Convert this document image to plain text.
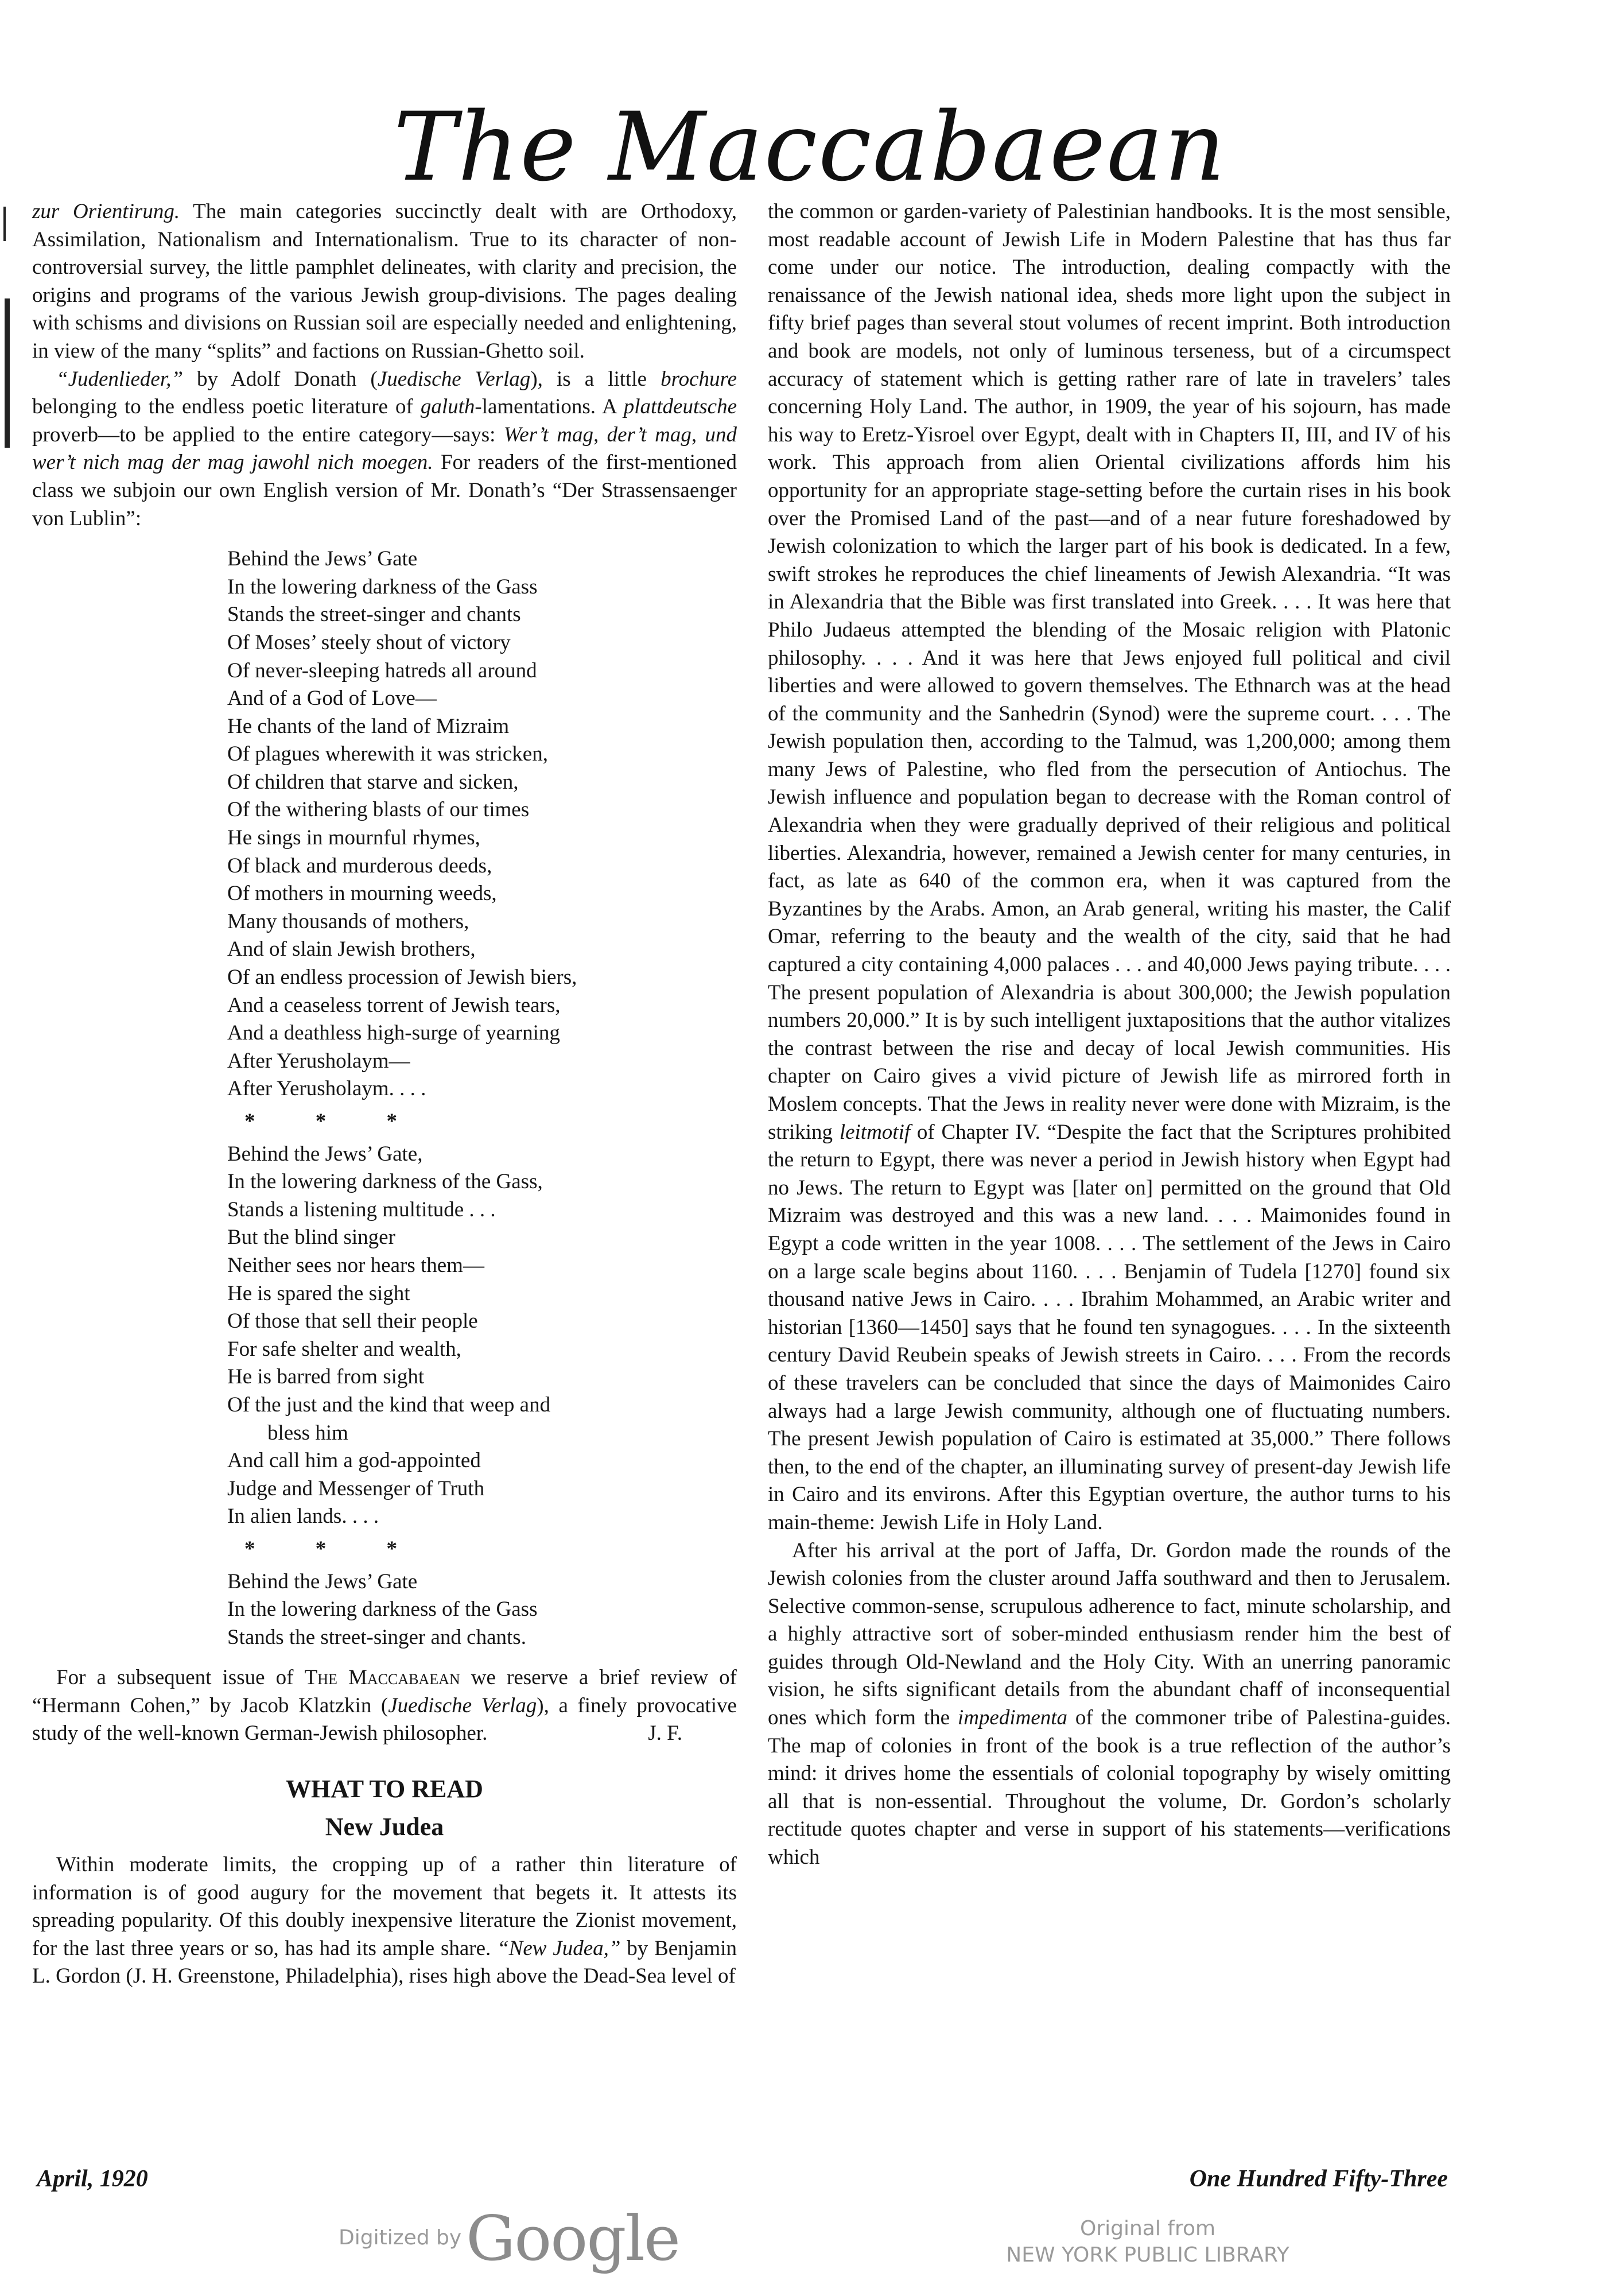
The Maccabaean

zur Orientirung. The main categories succinctly dealt with are Orthodoxy, Assimilation, Nationalism and Internationalism. True to its character of non-controversial survey, the little pamphlet delineates, with clarity and precision, the origins and programs of the various Jewish group-divisions. The pages dealing with schisms and divisions on Russian soil are especially needed and enlightening, in view of the many “splits” and factions on Russian-Ghetto soil.

“Judenlieder,” by Adolf Donath (Juedische Verlag), is a little brochure belonging to the endless poetic literature of galuth-lamentations. A plattdeutsche proverb—to be applied to the entire category—says: Wer’t mag, der’t mag, und wer’t nich mag der mag jawohl nich moegen. For readers of the first-mentioned class we subjoin our own English version of Mr. Donath’s “Der Strassensaenger von Lublin”:

Behind the Jews’ Gate
In the lowering darkness of the Gass
Stands the street-singer and chants
Of Moses’ steely shout of victory
Of never-sleeping hatreds all around
And of a God of Love—
He chants of the land of Mizraim
Of plagues wherewith it was stricken,
Of children that starve and sicken,
Of the withering blasts of our times
He sings in mournful rhymes,
Of black and murderous deeds,
Of mothers in mourning weeds,
Many thousands of mothers,
And of slain Jewish brothers,
Of an endless procession of Jewish biers,
And a ceaseless torrent of Jewish tears,
And a deathless high-surge of yearning
After Yerusholaym—
After Yerusholaym. . . .
* * *
Behind the Jews’ Gate,
In the lowering darkness of the Gass,
Stands a listening multitude . . .
But the blind singer
Neither sees nor hears them—
He is spared the sight
Of those that sell their people
For safe shelter and wealth,
He is barred from sight
Of the just and the kind that weep and
bless him
And call him a god-appointed
Judge and Messenger of Truth
In alien lands. . . .
* * *
Behind the Jews’ Gate
In the lowering darkness of the Gass
Stands the street-singer and chants.

For a subsequent issue of The Maccabaean we reserve a brief review of “Hermann Cohen,” by Jacob Klatzkin (Juedische Verlag), a finely provocative study of the well-known German-Jewish philosopher.	J. F.

WHAT TO READ
New Judea

Within moderate limits, the cropping up of a rather thin literature of information is of good augury for the movement that begets it. It attests its spreading popularity. Of this doubly inexpensive literature the Zionist movement, for the last three years or so, has had its ample share. “New Judea,” by Benjamin L. Gordon (J. H. Greenstone, Philadelphia), rises high above the Dead-Sea level of

the common or garden-variety of Palestinian handbooks. It is the most sensible, most readable account of Jewish Life in Modern Palestine that has thus far come under our notice. The introduction, dealing compactly with the renaissance of the Jewish national idea, sheds more light upon the subject in fifty brief pages than several stout volumes of recent imprint. Both introduction and book are models, not only of luminous terseness, but of a circumspect accuracy of statement which is getting rather rare of late in travelers’ tales concerning Holy Land. The author, in 1909, the year of his sojourn, has made his way to Eretz-Yisroel over Egypt, dealt with in Chapters II, III, and IV of his work. This approach from alien Oriental civilizations affords him his opportunity for an appropriate stage-setting before the curtain rises in his book over the Promised Land of the past—and of a near future foreshadowed by Jewish colonization to which the larger part of his book is dedicated. In a few, swift strokes he reproduces the chief lineaments of Jewish Alexandria. “It was in Alexandria that the Bible was first translated into Greek. . . . It was here that Philo Judaeus attempted the blending of the Mosaic religion with Platonic philosophy. . . . And it was here that Jews enjoyed full political and civil liberties and were allowed to govern themselves. The Ethnarch was at the head of the community and the Sanhedrin (Synod) were the supreme court. . . . The Jewish population then, according to the Talmud, was 1,200,000; among them many Jews of Palestine, who fled from the persecution of Antiochus. The Jewish influence and population began to decrease with the Roman control of Alexandria when they were gradually deprived of their religious and political liberties. Alexandria, however, remained a Jewish center for many centuries, in fact, as late as 640 of the common era, when it was captured from the Byzantines by the Arabs. Amon, an Arab general, writing his master, the Calif Omar, referring to the beauty and the wealth of the city, said that he had captured a city containing 4,000 palaces . . . and 40,000 Jews paying tribute. . . . The present population of Alexandria is about 300,000; the Jewish population numbers 20,000.” It is by such intelligent juxtapositions that the author vitalizes the contrast between the rise and decay of local Jewish communities. His chapter on Cairo gives a vivid picture of Jewish life as mirrored forth in Moslem concepts. That the Jews in reality never were done with Mizraim, is the striking leitmotif of Chapter IV. “Despite the fact that the Scriptures prohibited the return to Egypt, there was never a period in Jewish history when Egypt had no Jews. The return to Egypt was [later on] permitted on the ground that Old Mizraim was destroyed and this was a new land. . . . Maimonides found in Egypt a code written in the year 1008. . . . The settlement of the Jews in Cairo on a large scale begins about 1160. . . . Benjamin of Tudela [1270] found six thousand native Jews in Cairo. . . . Ibrahim Mohammed, an Arabic writer and historian [1360—1450] says that he found ten synagogues. . . . In the sixteenth century David Reubein speaks of Jewish streets in Cairo. . . . From the records of these travelers can be concluded that since the days of Maimonides Cairo always had a large Jewish community, although one of fluctuating numbers. The present Jewish population of Cairo is estimated at 35,000.” There follows then, to the end of the chapter, an illuminating survey of present-day Jewish life in Cairo and its environs. After this Egyptian overture, the author turns to his main-theme: Jewish Life in Holy Land.

After his arrival at the port of Jaffa, Dr. Gordon made the rounds of the Jewish colonies from the cluster around Jaffa southward and then to Jerusalem. Selective common-sense, scrupulous adherence to fact, minute scholarship, and a highly attractive sort of sober-minded enthusiasm render him the best of guides through Old-Newland and the Holy City. With an unerring panoramic vision, he sifts significant details from the abundant chaff of inconsequential ones which form the impedimenta of the commoner tribe of Palestina-guides. The map of colonies in front of the book is a true reflection of the author’s mind: it drives home the essentials of colonial topography by wisely omitting all that is non-essential. Throughout the volume, Dr. Gordon’s scholarly rectitude quotes chapter and verse in support of his statements—verifications which

April, 1920	One Hundred Fifty-Three
Digitized by Google	Original from
NEW YORK PUBLIC LIBRARY
